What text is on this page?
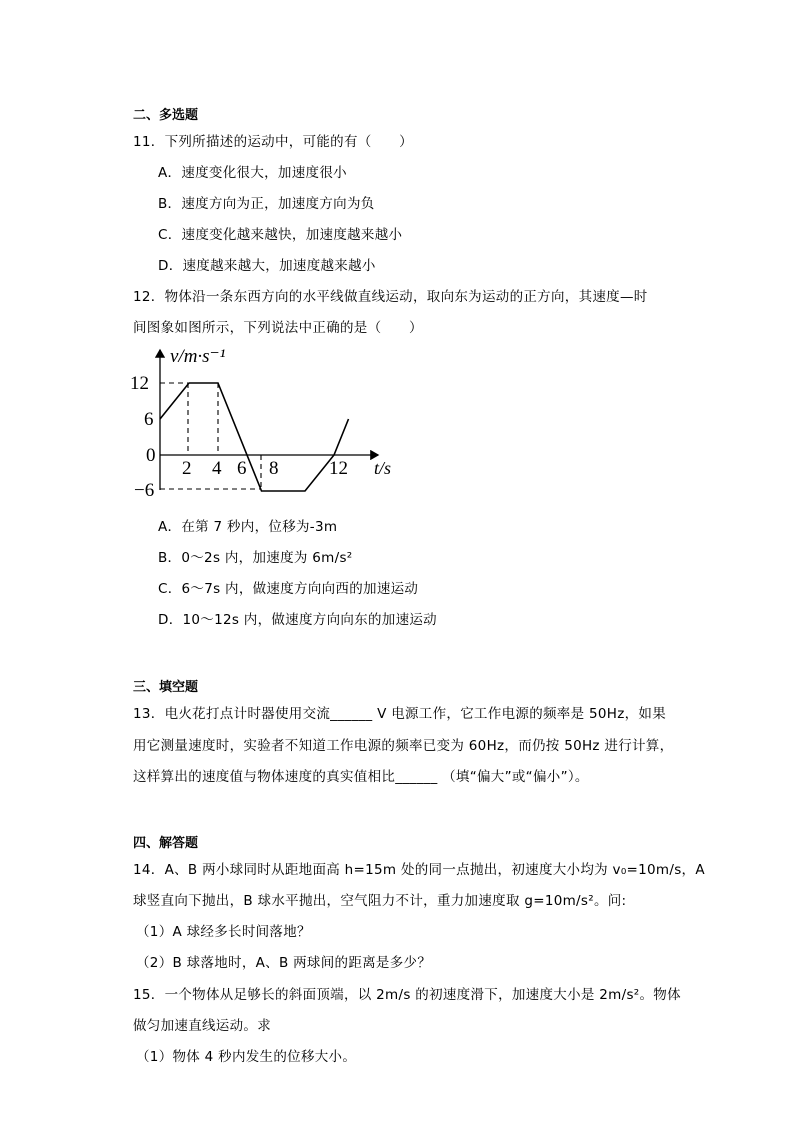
二、多选题
11．下列所描述的运动中，可能的有（　　）
A．速度变化很大，加速度很小
B．速度方向为正，加速度方向为负
C．速度变化越来越快，加速度越来越小
D．速度越来越大，加速度越来越小
12．物体沿一条东西方向的水平线做直线运动，取向东为运动的正方向，其速度—时
间图象如图所示，下列说法中正确的是（　　）
v/m·s⁻¹
t/s
12
6
0
−6
2 4 6 8	12
A．在第 7 秒内，位移为-3m
B．0～2s 内，加速度为 6m/s²
C．6～7s 内，做速度方向向西的加速运动
D．10～12s 内，做速度方向向东的加速运动
三、填空题
13．电火花打点计时器使用交流______ V 电源工作，它工作电源的频率是 50Hz，如果
用它测量速度时，实验者不知道工作电源的频率已变为 60Hz，而仍按 50Hz 进行计算，
这样算出的速度值与物体速度的真实值相比______ （填“偏大”或“偏小”）。
四、解答题
14．A、B 两小球同时从距地面高 h=15m 处的同一点抛出，初速度大小均为 v₀=10m/s，A
球竖直向下抛出，B 球水平抛出，空气阻力不计，重力加速度取 g=10m/s²。问:
（1）A 球经多长时间落地？
（2）B 球落地时，A、B 两球间的距离是多少？
15．一个物体从足够长的斜面顶端，以 2m/s 的初速度滑下，加速度大小是 2m/s²。物体
做匀加速直线运动。求
（1）物体 4 秒内发生的位移大小。
